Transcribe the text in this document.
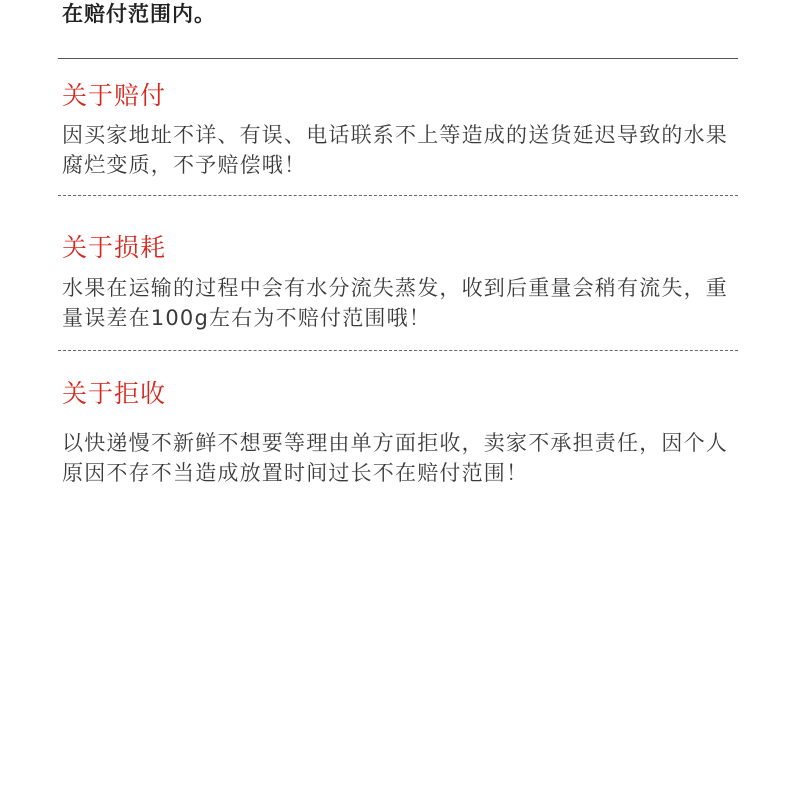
在赔付范围内。
关于赔付

因买家地址不详、有误、电话联系不上等造成的送货延迟导致的水果腐烂变质，不予赔偿哦！

关于损耗

水果在运输的过程中会有水分流失蒸发，收到后重量会稍有流失，重量误差在100g左右为不赔付范围哦！

关于拒收

以快递慢不新鲜不想要等理由单方面拒收，卖家不承担责任，因个人原因不存不当造成放置时间过长不在赔付范围！
